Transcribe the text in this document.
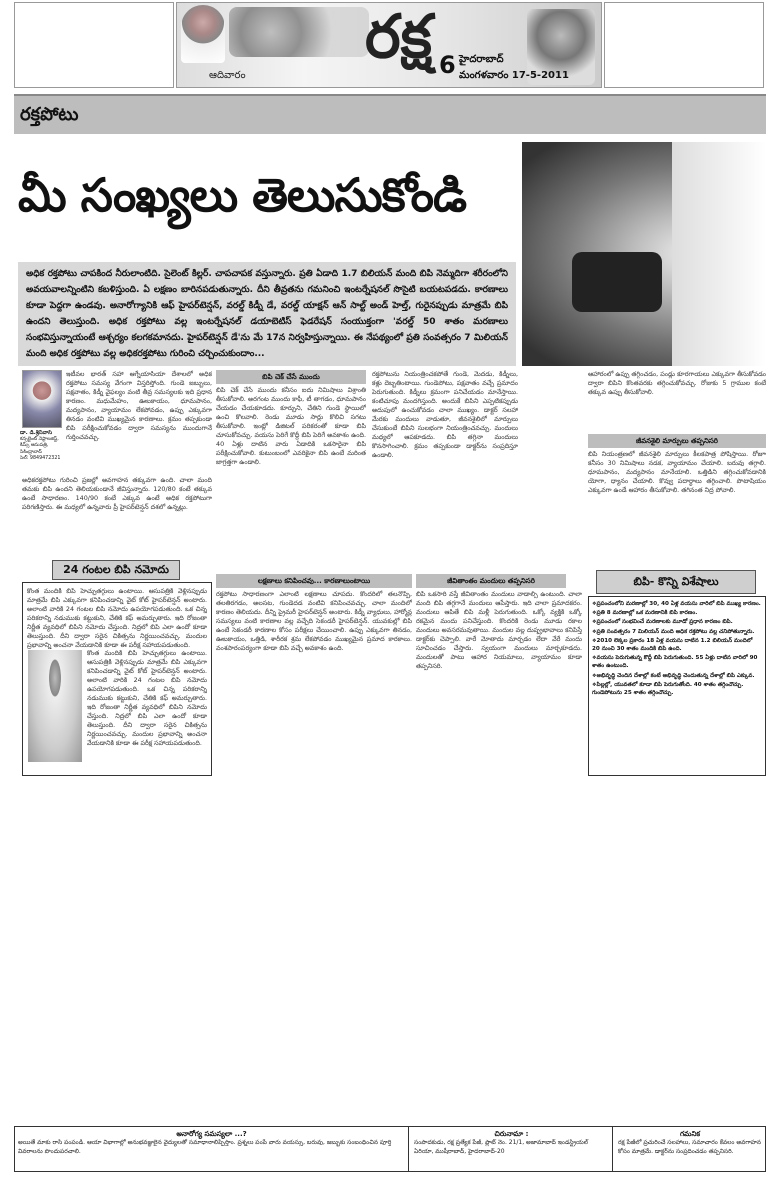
రక్ష
ఆదివారం	6 హైదరాబాద్
మంగళవారం 17-5-2011
రక్తపోటు
మీ సంఖ్యలు తెలుసుకోండి
అధిక రక్తపోటు చాపకింద నీరులాంటిది. సైలెంట్ కిల్లర్. చాపచాపక వస్తున్నారు. ప్రతి ఏడాది 1.7 బిలియన్ మంది బిపి నెమ్మదిగా శరీరంలోని అవయవాలన్నింటిని కబళిస్తుంది. ఏ లక్షణం బారినపడుతున్నారు. దీని తీవ్రతను గమనించి ఇంటర్నేషనల్ సొసైటి బయటపడదు. కారణాలు కూడా పెద్దగా ఉండవు. అనారోగ్యానికి ఆఫ్ హైపర్‌టెన్షన్, వరల్డ్ కిడ్నీ డే, వరల్డ్ యాక్షన్ ఆన్ సాల్ట్ అండ్ హెల్త్, గురైనప్పుడు మాత్రమే బిపి ఉందని తెలుస్తుంది. అధిక రక్తపోటు వల్ల ఇంటర్నేషనల్ డయాబెటిస్ ఫెడరేషన్ సంయుక్తంగా 'వరల్డ్ 50 శాతం మరణాలు సంభవిస్తున్నాయంటే ఆశ్చర్యం కలగకమానదు. హైపర్‌టెన్షన్ డే'ను మే 17న నిర్వహిస్తున్నాయి. ఈ నేపథ్యంలో ప్రతి సంవత్సరం 7 మిలియన్ మంది అధిక రక్తపోటు వల్ల అధికరక్తపోటు గురించి చర్చించుకుందాం...
డా. డి.శ్రీనివాస్
కన్సల్టెంట్ నెఫ్రాలజిస్ట్, కిమ్స్ ఆసుపత్రి, సికింద్రాబాద్
సెల్: 9849472321
ఇటీవల భారత్ సహా ఆగ్నేయాసియా దేశాలలో అధిక రక్తపోటు సమస్య వేగంగా విస్తరిస్తోంది. గుండె జబ్బులు, పక్షవాతం, కిడ్నీ వైఫల్యం వంటి తీవ్ర సమస్యలకు ఇది ప్రధాన కారణం. మధుమేహం, ఊబకాయం, ధూమపానం, మద్యపానం, వ్యాయామం లేకపోవడం, ఉప్పు ఎక్కువగా తినడం వంటివి ముఖ్యమైన కారణాలు. క్రమం తప్పకుండా బిపి పరీక్షించుకోవడం ద్వారా సమస్యను ముందుగానే గుర్తించవచ్చు.
అధికరక్తపోటు గురించి ప్రజల్లో అవగాహన తక్కువగా ఉంది. చాలా మంది తమకు బిపి ఉందని తెలియకుండానే జీవిస్తున్నారు. 120/80 కంటే తక్కువ ఉంటే సాధారణం. 140/90 కంటే ఎక్కువ ఉంటే అధిక రక్తపోటుగా పరిగణిస్తారు. ఈ మధ్యలో ఉన్నవారు ప్రీ హైపర్‌టెన్షన్ దశలో ఉన్నట్లు.
24 గంటల బిపి నమోదు
కొంత మందికి బిపి హెచ్చుతగ్గులు ఉంటాయి. ఆసుపత్రికి వెళ్లినప్పుడు మాత్రమే బిపి ఎక్కువగా కనిపించడాన్ని వైట్ కోట్ హైపర్‌టెన్షన్ అంటారు. అలాంటి వారికి 24 గంటల బిపి నమోదు ఉపయోగపడుతుంది. ఒక చిన్న పరికరాన్ని నడుముకు కట్టుకుని, చేతికి కఫ్ అమర్చుతారు. ఇది రోజంతా నిర్ణీత వ్యవధిలో బిపిని నమోదు చేస్తుంది. నిద్రలో బిపి ఎలా ఉందో కూడా తెలుస్తుంది. దీని ద్వారా సరైన చికిత్సను నిర్ణయించవచ్చు. మందుల ప్రభావాన్ని అంచనా వేయడానికి కూడా ఈ పరీక్ష సహాయపడుతుంది.
కొంత మందికి బిపి హెచ్చుతగ్గులు ఉంటాయి. ఆసుపత్రికి వెళ్లినప్పుడు మాత్రమే బిపి ఎక్కువగా కనిపించడాన్ని వైట్ కోట్ హైపర్‌టెన్షన్ అంటారు. అలాంటి వారికి 24 గంటల బిపి నమోదు ఉపయోగపడుతుంది. ఒక చిన్న పరికరాన్ని నడుముకు కట్టుకుని, చేతికి కఫ్ అమర్చుతారు. ఇది రోజంతా నిర్ణీత వ్యవధిలో బిపిని నమోదు చేస్తుంది. నిద్రలో బిపి ఎలా ఉందో కూడా తెలుస్తుంది. దీని ద్వారా సరైన చికిత్సను నిర్ణయించవచ్చు. మందుల ప్రభావాన్ని అంచనా వేయడానికి కూడా ఈ పరీక్ష సహాయపడుతుంది.
బిపి చెక్ చేసే ముందు
బిపి చెక్ చేసే ముందు కనీసం ఐదు నిమిషాలు విశ్రాంతి తీసుకోవాలి. అరగంట ముందు కాఫీ, టీ తాగడం, ధూమపానం చేయడం చేయకూడదు. కూర్చుని, చేతిని గుండె స్థాయిలో ఉంచి కొలవాలి. రెండు మూడు సార్లు కొలిచి సగటు తీసుకోవాలి. ఇంట్లో డిజిటల్ పరికరంతో కూడా బిపి చూసుకోవచ్చు. వయసు పెరిగే కొద్దీ బిపి పెరిగే అవకాశం ఉంది. 40 ఏళ్లు దాటిన వారు ఏడాదికి ఒకసారైనా బిపి పరీక్షించుకోవాలి. కుటుంబంలో ఎవరికైనా బిపి ఉంటే మరింత జాగ్రత్తగా ఉండాలి.
లక్షణాలు కనిపించవు... కారణాలుంటాయి
రక్తపోటు సాధారణంగా ఎలాంటి లక్షణాలు చూపదు. కొందరిలో తలనొప్పి, తలతిరగడం, అలసట, గుండెదడ వంటివి కనిపించవచ్చు. చాలా మందిలో కారణం తెలియదు. దీన్ని ప్రైమరీ హైపర్‌టెన్షన్ అంటారు. కిడ్నీ వ్యాధులు, హార్మోన్ల సమస్యలు వంటి కారణాల వల్ల వచ్చేది సెకండరీ హైపర్‌టెన్షన్. యువకుల్లో బిపి ఉంటే సెకండరీ కారణాల కోసం పరీక్షలు చేయించాలి. ఉప్పు ఎక్కువగా తినడం, ఊబకాయం, ఒత్తిడి, శారీరక శ్రమ లేకపోవడం ముఖ్యమైన ప్రమాద కారకాలు. వంశపారంపర్యంగా కూడా బిపి వచ్చే అవకాశం ఉంది.
రక్తపోటును నియంత్రించకపోతే గుండె, మెదడు, కిడ్నీలు, కళ్లు దెబ్బతింటాయి. గుండెపోటు, పక్షవాతం వచ్చే ప్రమాదం పెరుగుతుంది. కిడ్నీలు క్రమంగా పనిచేయడం మానేస్తాయి. కంటిచూపు మందగిస్తుంది. అందుకే బిపిని ఎప్పటికప్పుడు అదుపులో ఉంచుకోవడం చాలా ముఖ్యం. డాక్టర్ సలహా మేరకు మందులు వాడుతూ, జీవనశైలిలో మార్పులు చేసుకుంటే బిపిని సులభంగా నియంత్రించవచ్చు. మందులు మధ్యలో ఆపకూడదు. బిపి తగ్గినా మందులు కొనసాగించాలి. క్రమం తప్పకుండా డాక్టర్‌ను సంప్రదిస్తూ ఉండాలి.
జీవితాంతం మందులు తప్పనిసరి
బిపి ఒకసారి వస్తే జీవితాంతం మందులు వాడాల్సి ఉంటుంది. చాలా మంది బిపి తగ్గగానే మందులు ఆపేస్తారు. ఇది చాలా ప్రమాదకరం. మందులు ఆపితే బిపి మళ్లీ పెరుగుతుంది. ఒక్కో వ్యక్తికి ఒక్కో రకమైన మందు పనిచేస్తుంది. కొందరికి రెండు మూడు రకాల మందులు అవసరమవుతాయి. మందుల వల్ల దుష్ప్రభావాలు కనిపిస్తే డాక్టర్‌కు చెప్పాలి. వారే మోతాదు మార్చడం లేదా వేరే మందు సూచించడం చేస్తారు. స్వయంగా మందులు మార్చకూడదు. మందులతో పాటు ఆహార నియమాలు, వ్యాయామం కూడా తప్పనిసరి.
ఆహారంలో ఉప్పు తగ్గించడం, పండ్లు కూరగాయలు ఎక్కువగా తీసుకోవడం ద్వారా బిపిని కొంతవరకు తగ్గించుకోవచ్చు. రోజుకు 5 గ్రాముల కంటే తక్కువ ఉప్పు తీసుకోవాలి.
జీవనశైలి మార్పులు తప్పనిసరి
బిపి నియంత్రణలో జీవనశైలి మార్పులు కీలకపాత్ర పోషిస్తాయి. రోజూ కనీసం 30 నిమిషాలు నడక, వ్యాయామం చేయాలి. బరువు తగ్గాలి. ధూమపానం, మద్యపానం మానేయాలి. ఒత్తిడిని తగ్గించుకోవడానికి యోగా, ధ్యానం చేయాలి. కొవ్వు పదార్థాలు తగ్గించాలి. పొటాషియం ఎక్కువగా ఉండే ఆహారం తీసుకోవాలి. తగినంత నిద్ర పోవాలి.
బిపి- కొన్ని విశేషాలు
❖ ప్రపంచంలోని మరణాల్లో 30, 40 ఏళ్ల వయసు వారిలో బిపి ముఖ్య కారణం.
❖ ప్రతి 8 మరణాల్లో ఒక మరణానికి బిపి కారణం.
❖ ప్రపంచంలో సంభవించే మరణాలకు మూడో ప్రధాన కారణం బిపి.
❖ ప్రతి సంవత్సరం 7 మిలియన్ మంది అధిక రక్తపోటు వల్ల చనిపోతున్నారు.
❖ 2010 లెక్కల ప్రకారం 18 ఏళ్ల వయసు దాటిన 1.2 బిలియన్ మందిలో 20 నుంచి 30 శాతం మందికి బిపి ఉంది.
❖ వయసు పెరుగుతున్న కొద్దీ బిపి పెరుగుతుంది. 55 ఏళ్లు దాటిన వారిలో 90 శాతం ఉంటుంది.
❖ అభివృద్ధి చెందిన దేశాల్లో కంటే అభివృద్ధి చెందుతున్న దేశాల్లో బిపి ఎక్కువ.
❖ పిల్లల్లో, యువతలో కూడా బిపి పెరుగుతోంది. 40 శాతం తగ్గించొచ్చు. గుండెపోటును 25 శాతం తగ్గించొచ్చు.
అనారోగ్య సమస్యలా ...?
అయితే మాకు రాసి పంపండి. ఆయా విభాగాల్లో అనుభవజ్ఞులైన వైద్యులతో సమాధానాలిప్పిస్తాం. ప్రశ్నలు పంపే వారు వయస్సు, బరువు, జబ్బుకు సంబంధించిన పూర్తి వివరాలను పొందుపరచాలి.
చిరునామా :
సంపాదకుడు, రక్ష ప్రత్యేక పేజీ, ప్లాట్ నెం. 21/1, అజామాబాద్ ఇండస్ట్రియల్ ఏరియా, ముషీరాబాద్, హైదరాబాద్-20
గమనిక
రక్ష పేజీలో ప్రచురించే సలహాలు, సమాచారం కేవలం అవగాహన కోసం మాత్రమే. డాక్టర్‌ను సంప్రదించడం తప్పనిసరి.
